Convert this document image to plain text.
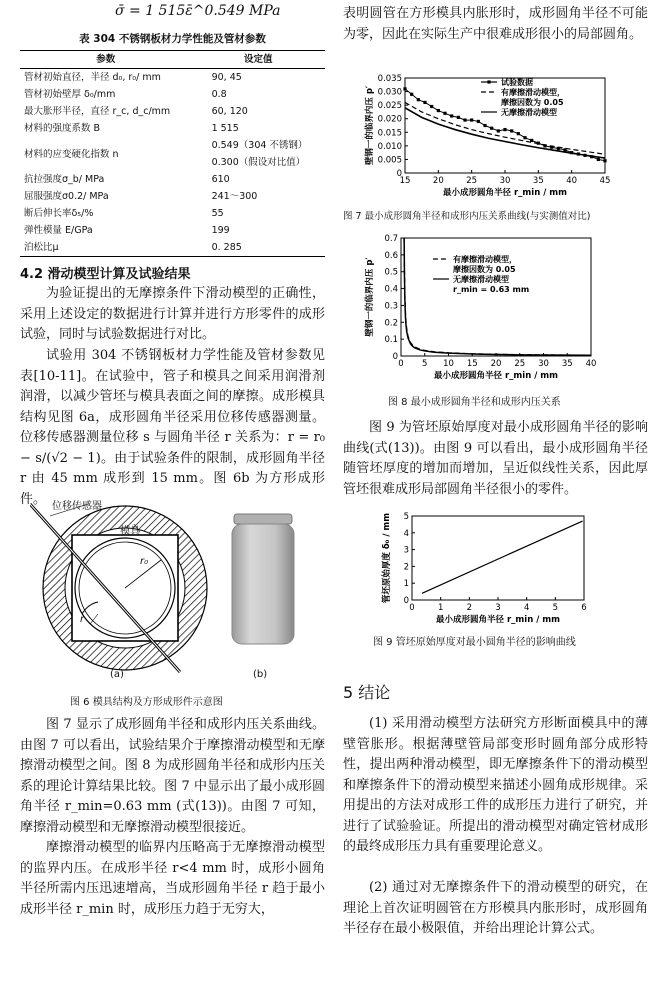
σ̄ = 1 515ε̄^0.549 MPa
表 304 不锈钢板材力学性能及管材参数
参数	设定值
管材初始直径，半径 d₀, r₀/ mm	90, 45
管材初始壁厚 δ₀/mm	0.8
最大胀形半径，直径 r_c, d_c/mm	60, 120
材料的强度系数 B	1 515
材料的应变硬化指数 n	0.549（304 不锈钢）
0.300（假设对比值）

抗拉强度σ_b/ MPa	610
屈服强度σ0.2/ MPa	241～300
断后伸长率δ₅/%	55
弹性模量 E/GPa	199
泊松比μ	0. 285
4.2 滑动模型计算及试验结果
为验证提出的无摩擦条件下滑动模型的正确性，采用上述设定的数据进行计算并进行方形零件的成形试验，同时与试验数据进行对比。
试验用 304 不锈钢板材力学性能及管材参数见表[10-11]。在试验中，管子和模具之间采用润滑剂润滑，以减少管坯与模具表面之间的摩擦。成形模具结构见图 6a，成形圆角半径采用位移传感器测量。位移传感器测量位移 s 与圆角半径 r 关系为：r = r₀ − s/(√2 − 1)。由于试验条件的限制，成形圆角半径 r 由 45 mm 成形到 15 mm。图 6b 为方形成形件。 位移传感器
模具
r₀
r
(a)	(b)
图 6 模具结构及方形成形件示意图
图 7 显示了成形圆角半径和成形内压关系曲线。由图 7 可以看出，试验结果介于摩擦滑动模型和无摩擦滑动模型之间。图 8 为成形圆角半径和成形内压关系的理论计算结果比较。图 7 中显示出了最小成形圆角半径 r_min=0.63 mm (式(13))。由图 7 可知，摩擦滑动模型和无摩擦滑动模型很接近。
摩擦滑动模型的临界内压略高于无摩擦滑动模型的监界内压。在成形半径 r<4 mm 时，成形小圆角半径所需内压迅速增高，当成形圆角半径 r 趋于最小成形半径 r_min 时，成形压力趋于无穷大，
表明圆管在方形模具内胀形时，成形圆角半径不可能为零，因此在实际生产中很难成形很小的局部圆角。
15	20	25	30	35	40	45
0
0.005
0.010
0.015
0.020
0.025
0.030
0.035
最小成形圆角半径 r_min / mm
壁钢一的临界内压 p′
试验数据
有摩擦滑动模型，
摩擦因数为 0.05
无摩擦滑动模型
图 7 最小成形圆角半径和成形内压关系曲线(与实测值对比)
0 5 10 15 20 25 30 35 40
0
0.1
0.2
0.3
0.4
0.5
0.6
0.7
最小成形圆角半径 r_min / mm
壁钢一的临界内压 p′	有摩擦滑动模型，
摩擦因数为 0.05
无摩擦滑动模型
r_min = 0.63 mm
图 8 最小成形圆角半径和成形内压关系
图 9 为管坯原始厚度对最小成形圆角半径的影响曲线(式(13))。由图 9 可以看出，最小成形圆角半径随管坯厚度的增加而增加，呈近似线性关系，因此厚管坯很难成形局部圆角半径很小的零件。
0	1	2	3	4	5	6
0
1
2
3
4
5
最小成形圆角半径 r_min / mm
管坯原始厚度 δ₀ / mm
图 9 管坯原始厚度对最小圆角半径的影响曲线
5 结论
(1) 采用滑动模型方法研究方形断面模具中的薄壁管胀形。根据薄壁管局部变形时圆角部分成形特性，提出两种滑动模型，即无摩擦条件下的滑动模型和摩擦条件下的滑动模型来描述小圆角成形规律。采用提出的方法对成形工件的成形压力进行了研究，并进行了试验验证。所提出的滑动模型对确定管材成形的最终成形压力具有重要理论意义。
(2) 通过对无摩擦条件下的滑动模型的研究，在理论上首次证明圆管在方形模具内胀形时，成形圆角半径存在最小极限值，并给出理论计算公式。
